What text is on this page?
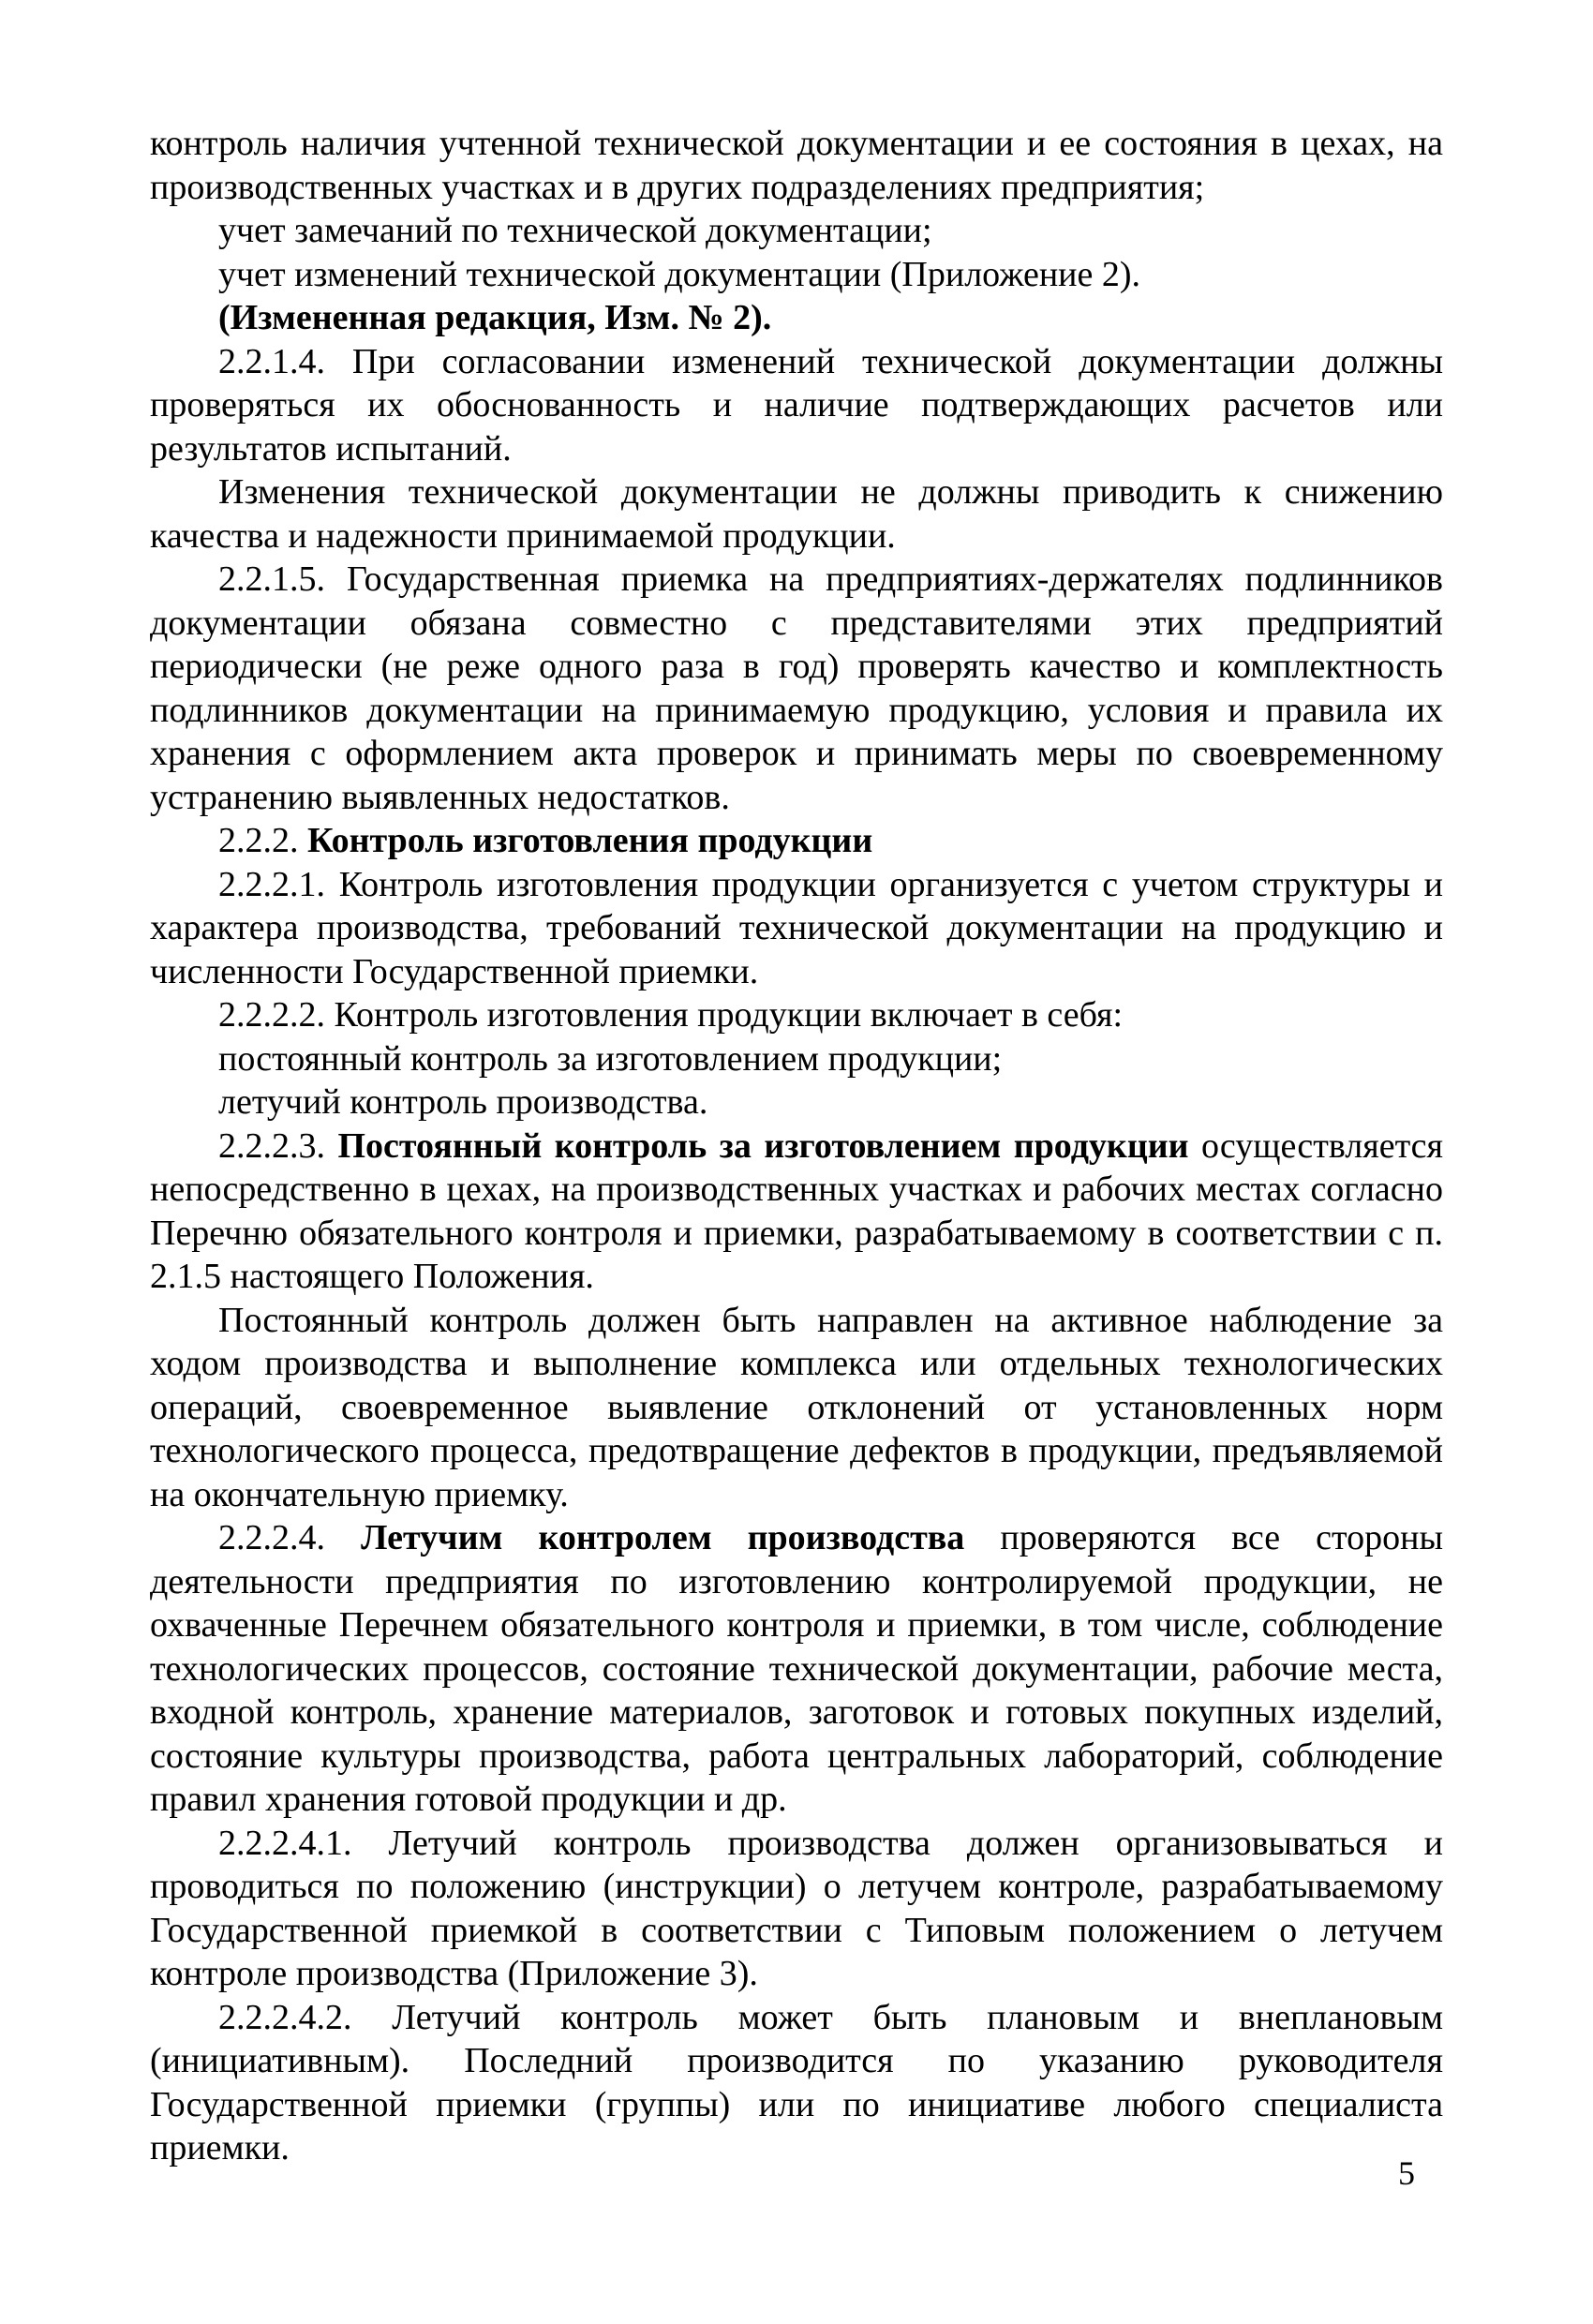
контроль наличия учтенной технической документации и ее состояния в цехах, на производственных участках и в других подразделениях предприятия;

учет замечаний по технической документации;

учет изменений технической документации (Приложение 2).

(Измененная редакция, Изм. № 2).

2.2.1.4. При согласовании изменений технической документации должны проверяться их обоснованность и наличие подтверждающих расчетов или результатов испытаний.

Изменения технической документации не должны приводить к снижению качества и надежности принимаемой продукции.

2.2.1.5. Государственная приемка на предприятиях-держателях подлинников документации обязана совместно с представителями этих предприятий периодически (не реже одного раза в год) проверять качество и комплектность подлинников документации на принимаемую продукцию, условия и правила их хранения с оформлением акта проверок и принимать меры по своевременному устранению выявленных недостатков.

2.2.2. Контроль изготовления продукции

2.2.2.1. Контроль изготовления продукции организуется с учетом структуры и характера производства, требований технической документации на продукцию и численности Государственной приемки.

2.2.2.2. Контроль изготовления продукции включает в себя:

постоянный контроль за изготовлением продукции;

летучий контроль производства.

2.2.2.3. Постоянный контроль за изготовлением продукции осуществляется непосредственно в цехах, на производственных участках и рабочих местах согласно Перечню обязательного контроля и приемки, разрабатываемому в соответствии с п. 2.1.5 настоящего Положения.

Постоянный контроль должен быть направлен на активное наблюдение за ходом производства и выполнение комплекса или отдельных технологических операций, своевременное выявление отклонений от установленных норм технологического процесса, предотвращение дефектов в продукции, предъявляемой на окончательную приемку.

2.2.2.4. Летучим контролем производства проверяются все стороны деятельности предприятия по изготовлению контролируемой продукции, не охваченные Перечнем обязательного контроля и приемки, в том числе, соблюдение технологических процессов, состояние технической документации, рабочие места, входной контроль, хранение материалов, заготовок и готовых покупных изделий, состояние культуры производства, работа центральных лабораторий, соблюдение правил хранения готовой продукции и др.

2.2.2.4.1. Летучий контроль производства должен организовываться и проводиться по положению (инструкции) о летучем контроле, разрабатываемому Государственной приемкой в соответствии с Типовым положением о летучем контроле производства (Приложение 3).

2.2.2.4.2. Летучий контроль может быть плановым и внеплановым (инициативным). Последний производится по указанию руководителя Государственной приемки (группы) или по инициативе любого специалиста приемки.

5
